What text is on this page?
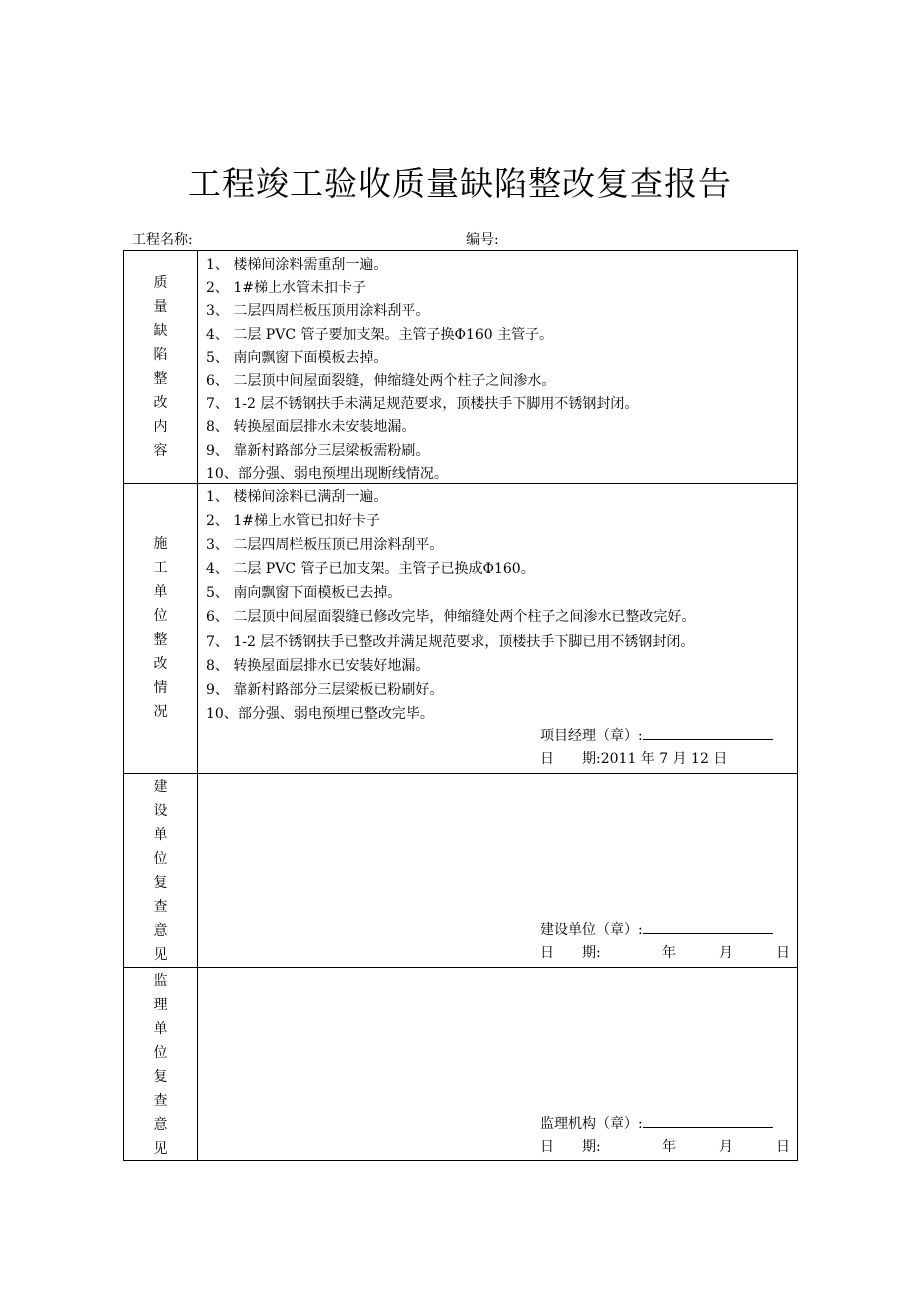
工程竣工验收质量缺陷整改复查报告
工程名称:	编号:
质
量
缺
陷
整
改
内
容
1、 楼梯间涂料需重刮一遍。
2、 1#梯上水管未扣卡子
3、 二层四周栏板压顶用涂料刮平。
4、 二层 PVC 管子要加支架。主管子换Φ160 主管子。
5、 南向飘窗下面模板去掉。
6、 二层顶中间屋面裂缝，伸缩缝处两个柱子之间渗水。
7、 1-2 层不锈钢扶手未满足规范要求，顶楼扶手下脚用不锈钢封闭。
8、 转换屋面层排水未安装地漏。
9、 靠新村路部分三层梁板需粉刷。
10、部分强、弱电预埋出现断线情况。
施
工
单
位
整
改
情
况
1、 楼梯间涂料已满刮一遍。
2、 1#梯上水管已扣好卡子
3、 二层四周栏板压顶已用涂料刮平。
4、 二层 PVC 管子已加支架。主管子已换成Φ160。
5、 南向飘窗下面模板已去掉。
6、 二层顶中间屋面裂缝已修改完毕，伸缩缝处两个柱子之间渗水已整改完好。
7、 1-2 层不锈钢扶手已整改并满足规范要求，顶楼扶手下脚已用不锈钢封闭。
8、 转换屋面层排水已安装好地漏。
9、 靠新村路部分三层梁板已粉刷好。
10、部分强、弱电预埋已整改完毕。
项目经理（章）:
日　　期:2011 年 7 月 12 日
建
设
单
位
复
查
意
见
建设单位（章）:
日　　期:	年	月	日
监
理
单
位
复
查
意
见
监理机构（章）:
日　　期:	年	月	日
